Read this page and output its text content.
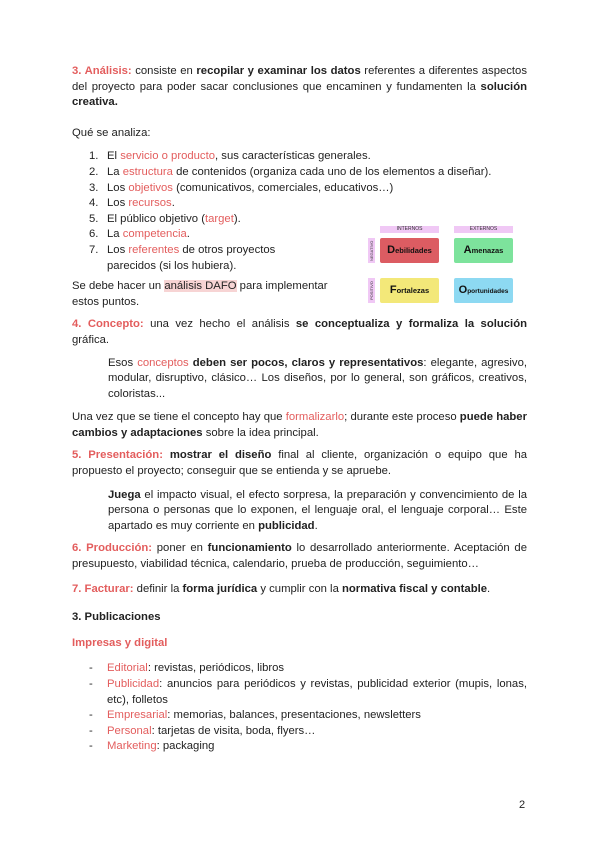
3. Análisis: consiste en recopilar y examinar los datos referentes a diferentes aspectos del proyecto para poder sacar conclusiones que encaminen y fundamenten la solución creativa.

Qué se analiza:

1. El servicio o producto, sus características generales.
2. La estructura de contenidos (organiza cada uno de los elementos a diseñar).
3. Los objetivos (comunicativos, comerciales, educativos…)
4. Los recursos.
5. El público objetivo (target).
6. La competencia.
7. Los referentes de otros proyectos parecidos (si los hubiera).

Se debe hacer un análisis DAFO para implementar estos puntos.

4. Concepto: una vez hecho el análisis se conceptualiza y formaliza la solución gráfica.

Esos conceptos deben ser pocos, claros y representativos: elegante, agresivo, modular, disruptivo, clásico… Los diseños, por lo general, son gráficos, creativos, coloristas...

Una vez que se tiene el concepto hay que formalizarlo; durante este proceso puede haber cambios y adaptaciones sobre la idea principal.

5. Presentación: mostrar el diseño final al cliente, organización o equipo que ha propuesto el proyecto; conseguir que se entienda y se apruebe.

Juega el impacto visual, el efecto sorpresa, la preparación y convencimiento de la persona o personas que lo exponen, el lenguaje oral, el lenguaje corporal… Este apartado es muy corriente en publicidad.

6. Producción: poner en funcionamiento lo desarrollado anteriormente. Aceptación de presupuesto, viabilidad técnica, calendario, prueba de producción, seguimiento…

7. Facturar: definir la forma jurídica y cumplir con la normativa fiscal y contable.

3. Publicaciones

Impresas y digital

- Editorial: revistas, periódicos, libros
- Publicidad: anuncios para periódicos y revistas, publicidad exterior (mupis, lonas, etc), folletos
- Empresarial: memorias, balances, presentaciones, newsletters
- Personal: tarjetas de visita, boda, flyers…
- Marketing: packaging
INTERNOS	EXTERNOS
NEGATIVO
POSITIVO
Debilidades	Amenazas
Fortalezas	Oportunidades
2
